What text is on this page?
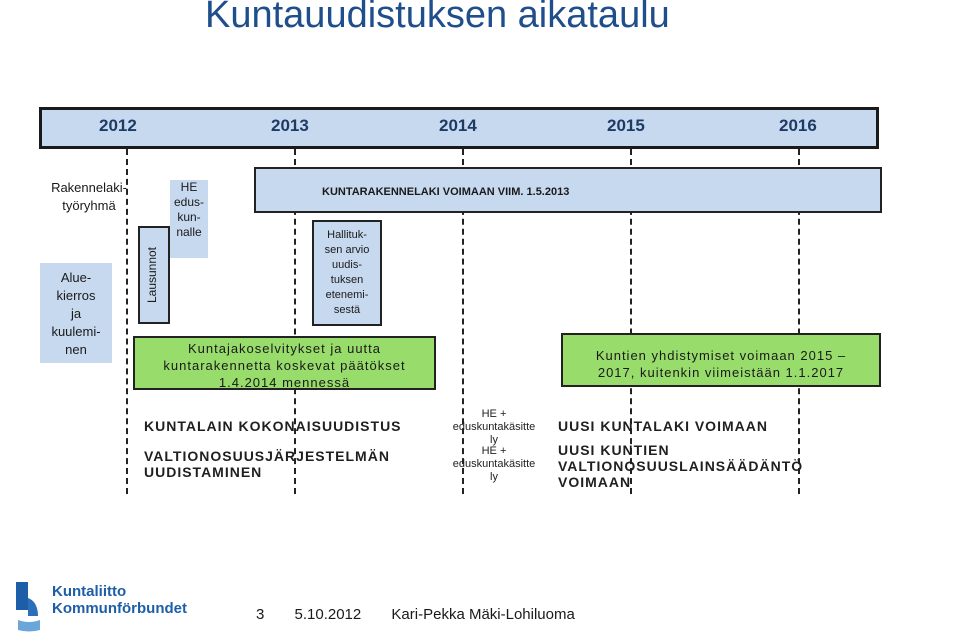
Kuntauudistuksen aikataulu
2012	2013	2014	2015	2016
Rakennelaki-
työryhmä
Alue-
kierros
ja
kuulemi-
nen
Lausunnot
HE
edus-
kun-
nalle
KUNTARAKENNELAKI VOIMAAN VIIM. 1.5.2013
Hallituk-
sen arvio
uudis-
tuksen
etenemi-
sestä
Kuntajakoselvitykset ja uutta
kuntarakennetta koskevat päätökset
1.4.2014 mennessä
Kuntien yhdistymiset voimaan 2015 –
2017, kuitenkin viimeistään 1.1.2017
KUNTALAIN KOKONAISUUDISTUS
HE +
eduskuntakäsitte
ly
UUSI KUNTALAKI VOIMAAN
VALTIONOSUUSJÄRJESTELMÄN
UUDISTAMINEN
HE +
eduskuntakäsitte
ly
UUSI KUNTIEN
VALTIONOSUUSLAINSÄÄDÄNTÖ
VOIMAAN
Kuntaliitto
Kommunförbundet	3 5.10.2012 Kari-Pekka Mäki-Lohiluoma
